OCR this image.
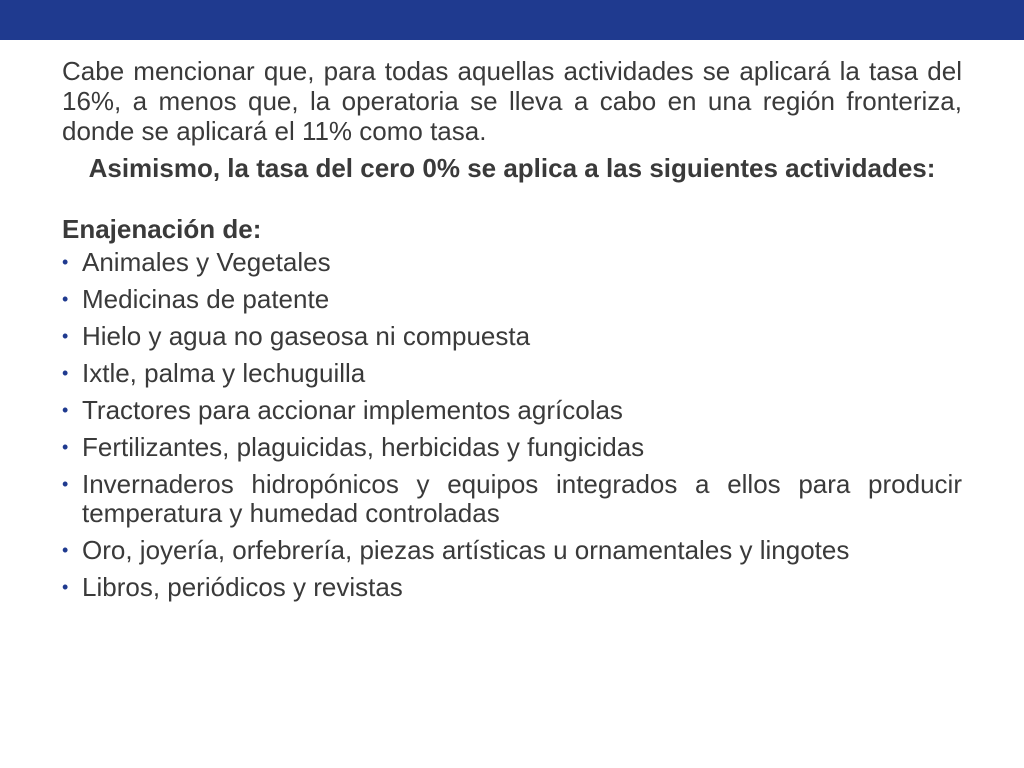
Cabe mencionar que, para todas aquellas actividades se aplicará la tasa del 16%, a menos que, la operatoria se lleva a cabo en una región fronteriza, donde se aplicará el 11% como tasa.

Asimismo, la tasa del cero 0% se aplica a las siguientes actividades:

Enajenación de:

• Animales y Vegetales
• Medicinas de patente
• Hielo y agua no gaseosa ni compuesta
• Ixtle, palma y lechuguilla
• Tractores para accionar implementos agrícolas
• Fertilizantes, plaguicidas, herbicidas y fungicidas
• Invernaderos hidropónicos y equipos integrados a ellos para producir temperatura y humedad controladas
• Oro, joyería, orfebrería, piezas artísticas u ornamentales y lingotes
• Libros, periódicos y revistas
